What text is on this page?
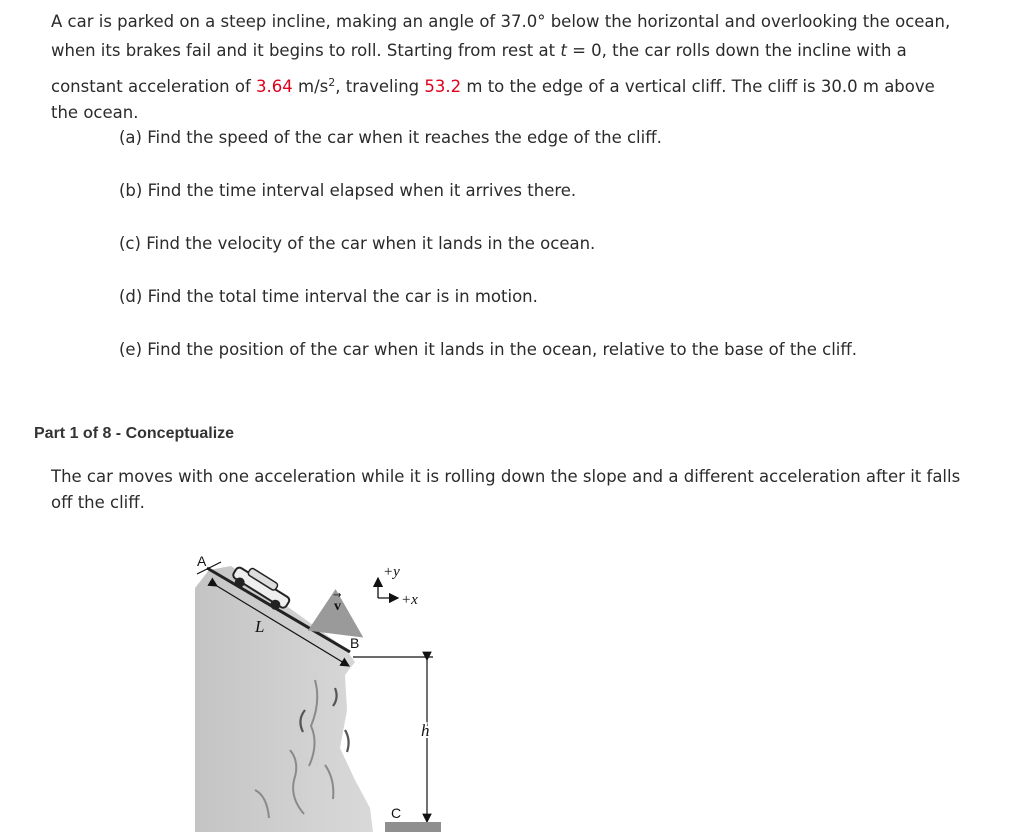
A car is parked on a steep incline, making an angle of 37.0° below the horizontal and overlooking the ocean,

when its brakes fail and it begins to roll. Starting from rest at t = 0, the car rolls down the incline with a

constant acceleration of 3.64 $m/s^2$, traveling 53.2 m to the edge of a vertical cliff. The cliff is 30.0 m above

the ocean.

(a) Find the speed of the car when it reaches the edge of the cliff.
(b) Find the time interval elapsed when it arrives there.
(c) Find the velocity of the car when it lands in the ocean.
(d) Find the total time interval the car is in motion.
(e) Find the position of the car when it lands in the ocean, relative to the base of the cliff.
Part 1 of 8 - Conceptualize
The car moves with one acceleration while it is rolling down the slope and a different acceleration after it falls
off the cliff.
L
A
v
→
B
+y
+x
h
C
